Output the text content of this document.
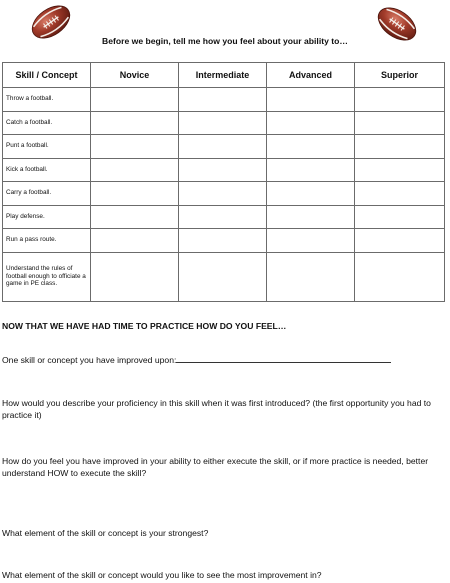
Before we begin, tell me how you feel about your ability to…
Skill / Concept	Novice	Intermediate	Advanced	Superior
Throw a football.				
Catch a football.				
Punt a football.				
Kick a football.				
Carry a football.				
Play defense.				
Run a pass route.				
Understand the rules of football enough to officiate a game in PE class.				
NOW THAT WE HAVE HAD TIME TO PRACTICE HOW DO YOU FEEL…
One skill or concept you have improved upon:
How would you describe your proficiency in this skill when it was first introduced? (the first opportunity you had to practice it)
How do you feel you have improved in your ability to either execute the skill, or if more practice is needed, better understand HOW to execute the skill?
What element of the skill or concept is your strongest?
What element of the skill or concept would you like to see the most improvement in?
